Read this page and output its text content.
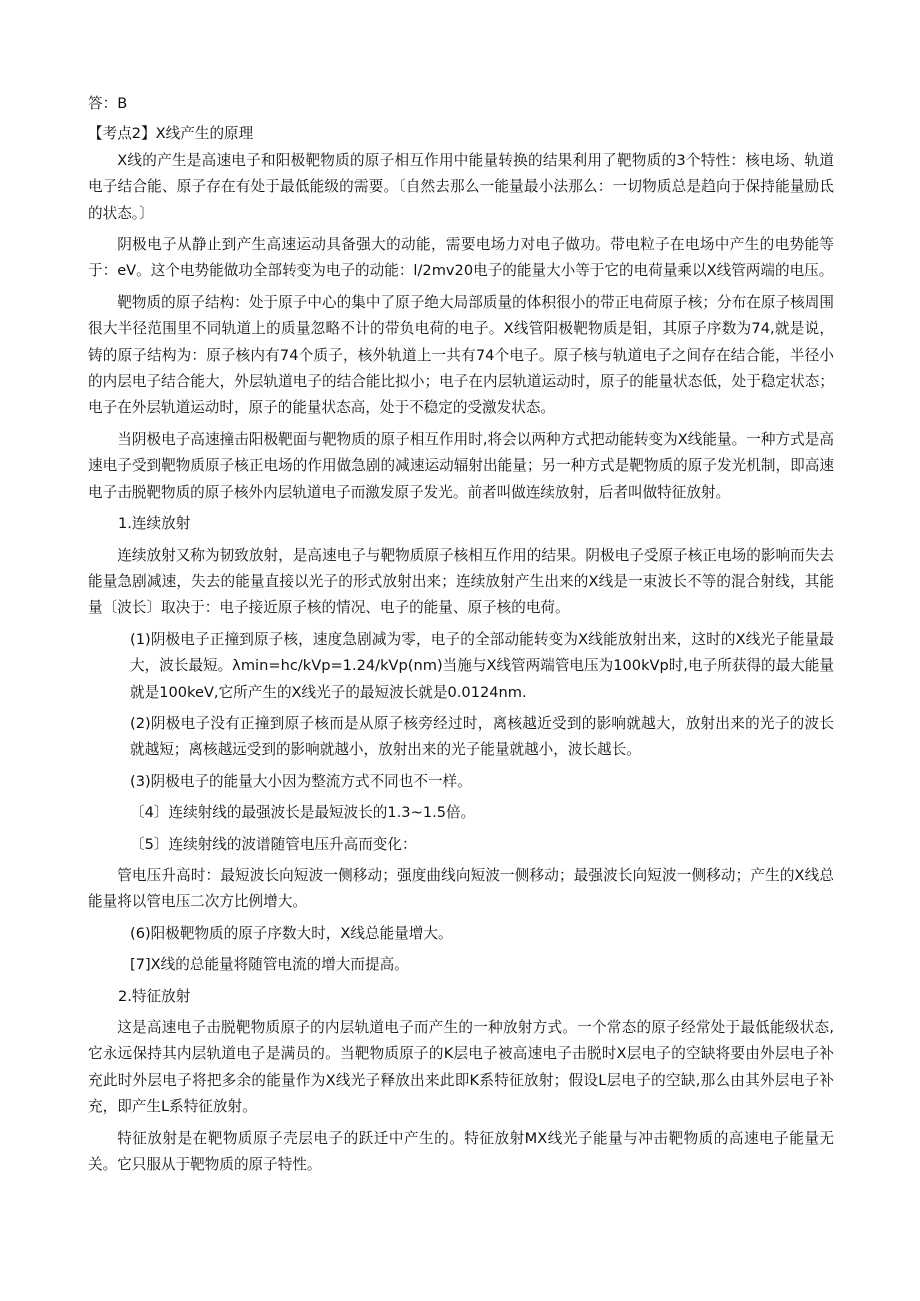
答：B

【考点2】X线产生的原理

X线的产生是高速电子和阳极靶物质的原子相互作用中能量转换的结果利用了靶物质的3个特性：核电场、轨道电子结合能、原子存在有处于最低能级的需要。〔自然去那么一能量最小法那么：一切物质总是趋向于保持能量励氐的状态。〕

阴极电子从静止到产生高速运动具备强大的动能，需要电场力对电子做功。带电粒子在电场中产生的电势能等于：eV。这个电势能做功全部转变为电子的动能：l/2mv20电子的能量大小等于它的电荷量乘以X线管两端的电压。

靶物质的原子结构：处于原子中心的集中了原子绝大局部质量的体积很小的带正电荷原子核；分布在原子核周围很大半径范围里不同轨道上的质量忽略不计的带负电荷的电子。X线管阳极靶物质是钼，其原子序数为74,就是说，铸的原子结构为：原子核内有74个质子，核外轨道上一共有74个电子。原子核与轨道电子之间存在结合能，半径小的内层电子结合能大，外层轨道电子的结合能比拟小；电子在内层轨道运动时，原子的能量状态低，处于稳定状态；电子在外层轨道运动时，原子的能量状态高，处于不稳定的受激发状态。

当阴极电子高速撞击阳极靶面与靶物质的原子相互作用时,将会以两种方式把动能转变为X线能量。一种方式是高速电子受到靶物质原子核正电场的作用做急剧的减速运动辐射出能量；另一种方式是靶物质的原子发光机制，即高速电子击脱靶物质的原子核外内层轨道电子而激发原子发光。前者叫做连续放射，后者叫做特征放射。

1.连续放射

连续放射又称为韧致放射，是高速电子与靶物质原子核相互作用的结果。阴极电子受原子核正电场的影响而失去能量急剧减速，失去的能量直接以光子的形式放射出来；连续放射产生出来的X线是一束波长不等的混合射线，其能量〔波长〕取决于：电子接近原子核的情况、电子的能量、原子核的电荷。

(1)阴极电子正撞到原子核，速度急剧减为零，电子的全部动能转变为X线能放射出来，这时的X线光子能量最大，波长最短。λmin=hc/kVp=1.24/kVp(nm)当施与X线管两端管电压为100kVp时,电子所获得的最大能量就是100keV,它所产生的X线光子的最短波长就是0.0124nm.

(2)阴极电子没有正撞到原子核而是从原子核旁经过时，离核越近受到的影响就越大，放射出来的光子的波长就越短；离核越远受到的影响就越小，放射出来的光子能量就越小，波长越长。

(3)阴极电子的能量大小因为整流方式不同也不一样。

〔4〕连续射线的最强波长是最短波长的1.3~1.5倍。

〔5〕连续射线的波谱随管电压升高而变化：

管电压升高时：最短波长向短波一侧移动；强度曲线向短波一侧移动；最强波长向短波一侧移动；产生的X线总能量将以管电压二次方比例增大。

(6)阳极靶物质的原子序数大时，X线总能量增大。

[7]X线的总能量将随管电流的增大而提高。

2.特征放射

这是高速电子击脱靶物质原子的内层轨道电子而产生的一种放射方式。一个常态的原子经常处于最低能级状态,它永远保持其内层轨道电子是满员的。当靶物质原子的K层电子被高速电子击脱时X层电子的空缺将要由外层电子补充此时外层电子将把多余的能量作为X线光子释放出来此即K系特征放射；假设L层电子的空缺,那么由其外层电子补充，即产生L系特征放射。

特征放射是在靶物质原子壳层电子的跃迁中产生的。特征放射MX线光子能量与冲击靶物质的高速电子能量无关。它只服从于靶物质的原子特性。
